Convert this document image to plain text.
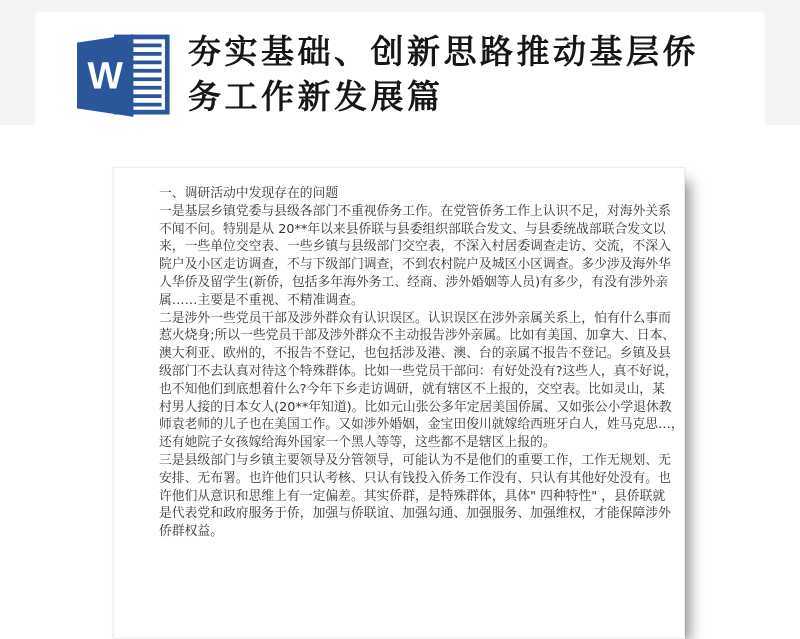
W
夯实基础、创新思路推动基层侨务工作新发展篇
一、调研活动中发现存在的问题
一是基层乡镇党委与县级各部门不重视侨务工作。在党管侨务工作上认识不足，对海外关系
不闻不问。特别是从 20**年以来县侨联与县委组织部联合发文、与县委统战部联合发文以
来，一些单位交空表、一些乡镇与县级部门交空表，不深入村居委调查走访、交流，不深入
院户及小区走访调查，不与下级部门调查，不到农村院户及城区小区调查。多少涉及海外华
人华侨及留学生(新侨，包括多年海外务工、经商、涉外婚姻等人员)有多少，有没有涉外亲
属……主要是不重视、不精准调查。
二是涉外一些党员干部及涉外群众有认识误区。认识误区在涉外亲属关系上，怕有什么事而
惹火烧身;所以一些党员干部及涉外群众不主动报告涉外亲属。比如有美国、加拿大、日本、
澳大利亚、欧州的，不报告不登记，也包括涉及港、澳、台的亲属不报告不登记。乡镇及县
级部门不去认真对待这个特殊群体。比如一些党员干部问：有好处没有?这些人，真不好说，
也不知他们到底想着什么?今年下乡走访调研，就有辖区不上报的，交空表。比如灵山，某
村男人接的日本女人(20**年知道)。比如元山张公多年定居美国侨属、又如张公小学退休教
师袁老师的儿子也在美国工作。又如涉外婚姻，金宝田俊川就嫁给西班牙白人，姓马克思…，
还有她院子女孩嫁给海外国家一个黑人等等，这些都不是辖区上报的。
三是县级部门与乡镇主要领导及分管领导，可能认为不是他们的重要工作，工作无规划、无
安排、无布署。也许他们只认考核、只认有钱投入侨务工作没有、只认有其他好处没有。也
许他们从意识和思维上有一定偏差。其实侨群，是特殊群体，具体" 四种特性" ，县侨联就
是代表党和政府服务于侨，加强与侨联谊、加强勾通、加强服务、加强维权，才能保障涉外
侨群权益。
